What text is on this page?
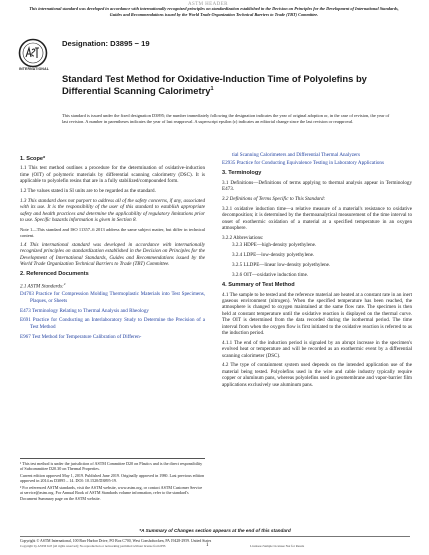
ASTM HEADER
This international standard was developed in accordance with internationally recognized principles on standardization established in the Decision on Principles for the Development of International Standards, Guides and Recommendations issued by the World Trade Organization Technical Barriers to Trade (TBT) Committee.
INTERNATIONAL
Designation: D3895 − 19
Standard Test Method for Oxidative-Induction Time of Polyolefins by Differential Scanning Calorimetry$^1$
This standard is issued under the fixed designation D3895; the number immediately following the designation indicates the year of original adoption or, in the case of revision, the year of last revision. A number in parentheses indicates the year of last reapproval. A superscript epsilon (ε) indicates an editorial change since the last revision or reapproval.
1. Scope*

1.1 This test method outlines a procedure for the determination of oxidative-induction time (OIT) of polymeric materials by differential scanning calorimetry (DSC). It is applicable to polyolefin resins that are in a fully stabilized/compounded form.

1.2 The values stated in SI units are to be regarded as the standard.

1.3 This standard does not purport to address all of the safety concerns, if any, associated with its use. It is the responsibility of the user of this standard to establish appropriate safety and health practices and determine the applicability of regulatory limitations prior to use. Specific hazards information is given in Section 8.

Note 1—This standard and ISO 11357–6 2013 address the same subject matter, but differ in technical content.

1.4 This international standard was developed in accordance with internationally recognized principles on standardization established in the Decision on Principles for the Development of International Standards, Guides and Recommendations issued by the World Trade Organization Technical Barriers to Trade (TBT) Committee.

2. Referenced Documents

2.1 ASTM Standards:$^2$

D4703 Practice for Compression Molding Thermoplastic Materials into Test Specimens, Plaques, or Sheets

E473 Terminology Relating to Thermal Analysis and Rheology

E691 Practice for Conducting an Interlaboratory Study to Determine the Precision of a Test Method

E967 Test Method for Temperature Calibration of Differen-

¹ This test method is under the jurisdiction of ASTM Committee D20 on Plastics and is the direct responsibility of Subcommittee D20.30 on Thermal Properties.

Current edition approved May 1, 2019. Published June 2019. Originally approved in 1980. Last previous edition approved in 2014 as D3895 – 14. DOI: 10.1520/D3895-19.

² For referenced ASTM standards, visit the ASTM website, www.astm.org, or contact ASTM Customer Service at service@astm.org. For Annual Book of ASTM Standards volume information, refer to the standard's Document Summary page on the ASTM website.

tial Scanning Calorimeters and Differential Thermal Analyzers

E2935 Practice for Conducting Equivalence Testing in Laboratory Applications

3. Terminology

3.1 Definitions—Definitions of terms applying to thermal analysis appear in Terminology E473.

3.2 Definitions of Terms Specific to This Standard:

3.2.1 oxidative induction time—a relative measure of a material's resistance to oxidative decomposition; it is determined by the thermoanalytical measurement of the time interval to onset of exothermic oxidation of a material at a specified temperature in an oxygen atmosphere.

3.2.2 Abbreviations:

3.2.3 HDPE—high-density polyethylene.

3.2.4 LDPE—low-density polyethylene.

3.2.5 LLDPE—linear low-density polyethylene.

3.2.6 OIT—oxidative induction time.

4. Summary of Test Method

4.1 The sample to be tested and the reference material are heated at a constant rate in an inert gaseous environment (nitrogen). When the specified temperature has been reached, the atmosphere is changed to oxygen maintained at the same flow rate. The specimen is then held at constant temperature until the oxidative reaction is displayed on the thermal curve. The OIT is determined from the data recorded during the isothermal period. The time interval from when the oxygen flow is first initiated to the oxidative reaction is referred to as the induction period.

4.1.1 The end of the induction period is signaled by an abrupt increase in the specimen's evolved heat or temperature and will be recorded as an exothermic event by a differential scanning calorimeter (DSC).

4.2 The type of containment system used depends on the intended application use of the material being tested. Polyolefins used in the wire and cable industry typically require copper or aluminum pans, whereas polyolefins used in geomembrane and vapor-barrier film applications exclusively use aluminum pans.

*A Summary of Changes section appears at the end of this standard
Copyright © ASTM International, 100 Barr Harbor Drive, PO Box C700, West Conshohocken, PA 19428-2959. United States
1
Copyright by ASTM Int'l (all rights reserved); No reproduction or networking permitted without license from IHS	Licensee=Sample Licensee Not for Resale
